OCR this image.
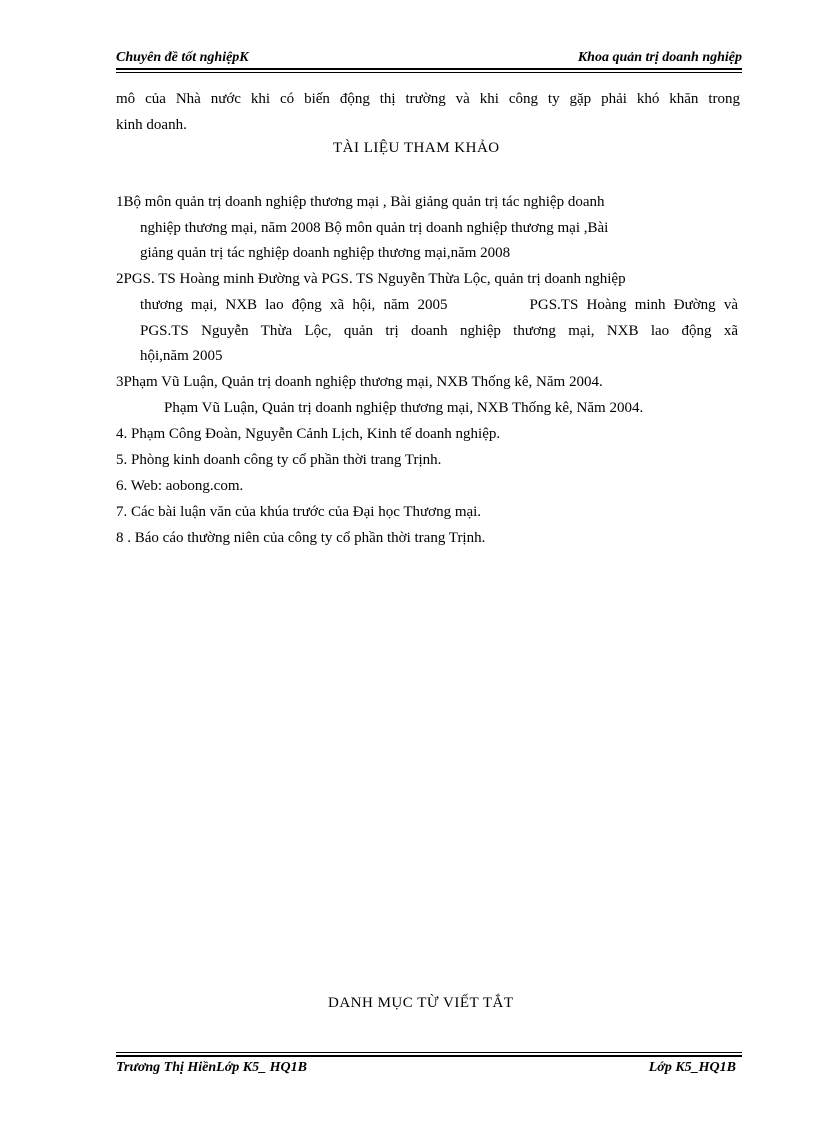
Chuyên đề tốt nghiệpK	Khoa quản trị doanh nghiệp
mô của Nhà nước khi có biến động thị trường và khi công ty gặp phải khó khăn trong
kinh doanh.
TÀI LIỆU THAM KHẢO
1Bộ môn quản trị doanh nghiệp thương mại , Bài giảng quản trị tác nghiệp doanh
nghiệp thương mại, năm 2008 Bộ môn quản trị doanh nghiệp thương mại ,Bài
giảng quản trị tác nghiệp doanh nghiệp thương mại,năm 2008
2PGS. TS Hoàng minh Đường và PGS. TS Nguyễn Thừa Lộc, quản trị doanh nghiệp
thương mại, NXB lao động xã hội, năm 2005          PGS.TS Hoàng minh Đường và
PGS.TS Nguyễn Thừa Lộc, quản trị doanh nghiệp thương mại, NXB lao động xã
hội,năm 2005
3Phạm Vũ Luận, Quản trị doanh nghiệp thương mại, NXB Thống kê, Năm 2004.
Phạm Vũ Luận, Quản trị doanh nghiệp thương mại, NXB Thống kê, Năm 2004.
4. Phạm Công Đoàn, Nguyễn Cảnh Lịch, Kinh tế doanh nghiệp.
5. Phòng kinh doanh công ty cổ phần thời trang Trịnh.
6. Web: aobong.com.
7. Các bài luận văn của khúa trước của Đại học Thương mại.
8 . Báo cáo thường niên của công ty cổ phần thời trang Trịnh.
DANH MỤC TỪ VIẾT TẮT
Trương Thị HiềnLớp K5_ HQ1B	Lớp K5_HQ1B
